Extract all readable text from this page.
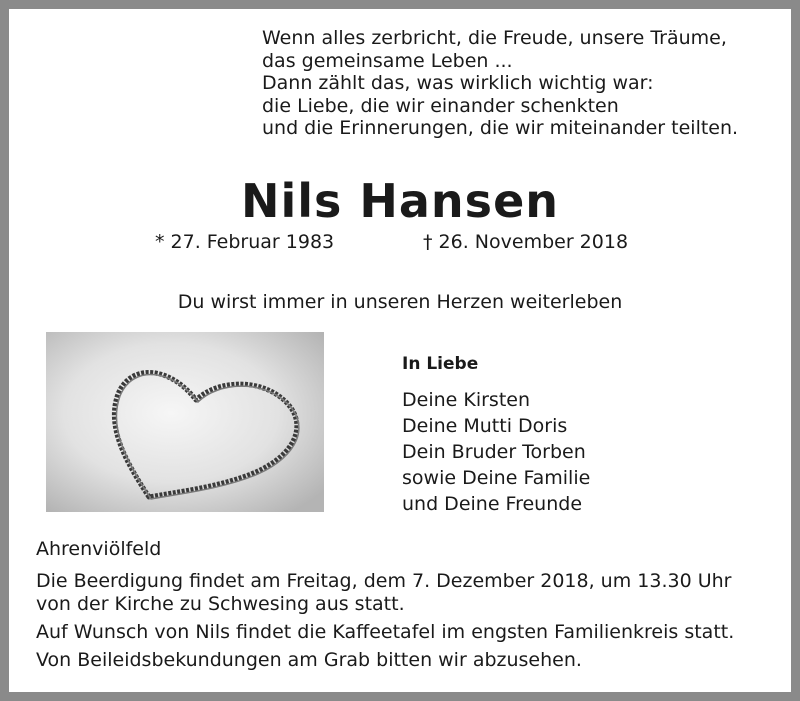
Wenn alles zerbricht, die Freude, unsere Träume,
das gemeinsame Leben ...
Dann zählt das, was wirklich wichtig war:
die Liebe, die wir einander schenkten
und die Erinnerungen, die wir miteinander teilten.
Nils Hansen
* 27. Februar 1983	† 26. November 2018
Du wirst immer in unseren Herzen weiterleben
In Liebe
Deine Kirsten
Deine Mutti Doris
Dein Bruder Torben
sowie Deine Familie
und Deine Freunde
Ahrenviölfeld
Die Beerdigung findet am Freitag, dem 7. Dezember 2018, um 13.30 Uhr
von der Kirche zu Schwesing aus statt.
Auf Wunsch von Nils findet die Kaffeetafel im engsten Familienkreis statt.
Von Beileidsbekundungen am Grab bitten wir abzusehen.
